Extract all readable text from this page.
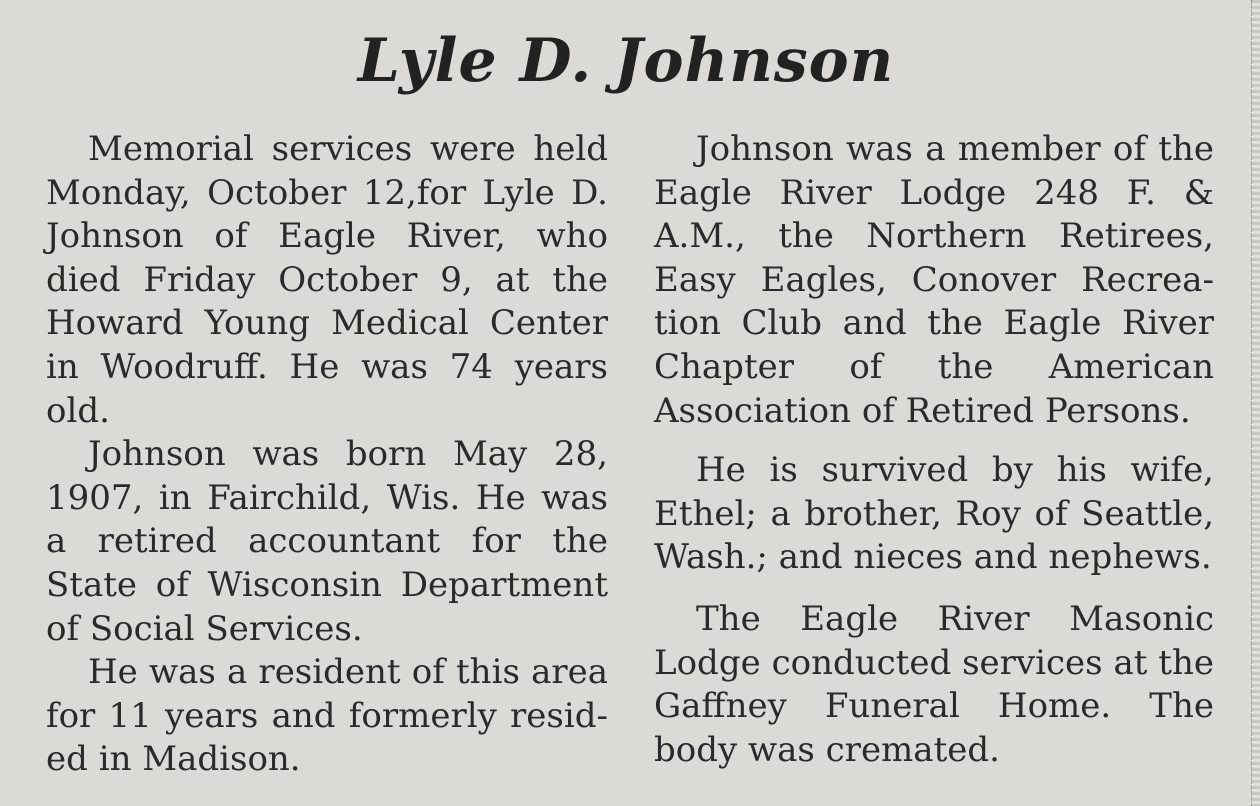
Lyle D. Johnson

Memorial services were held Monday, October 12,for Lyle D. Johnson of Eagle River, who died Friday October 9, at the Howard Young Medical Center in Woodruff. He was 74 years old.

Johnson was born May 28, 1907, in Fairchild, Wis. He was a retired accountant for the State of Wisconsin Department of Social Services.

He was a resident of this area for 11 years and formerly resided in Madison.

Johnson was a member of the Eagle River Lodge 248 F. & A.M., the Northern Retirees, Easy Eagles, Conover Recreation Club and the Eagle River Chapter of the American Association of Retired Persons.

He is survived by his wife, Ethel; a brother, Roy of Seattle, Wash.; and nieces and nephews.

The Eagle River Masonic Lodge conducted services at the Gaffney Funeral Home. The body was cremated.
